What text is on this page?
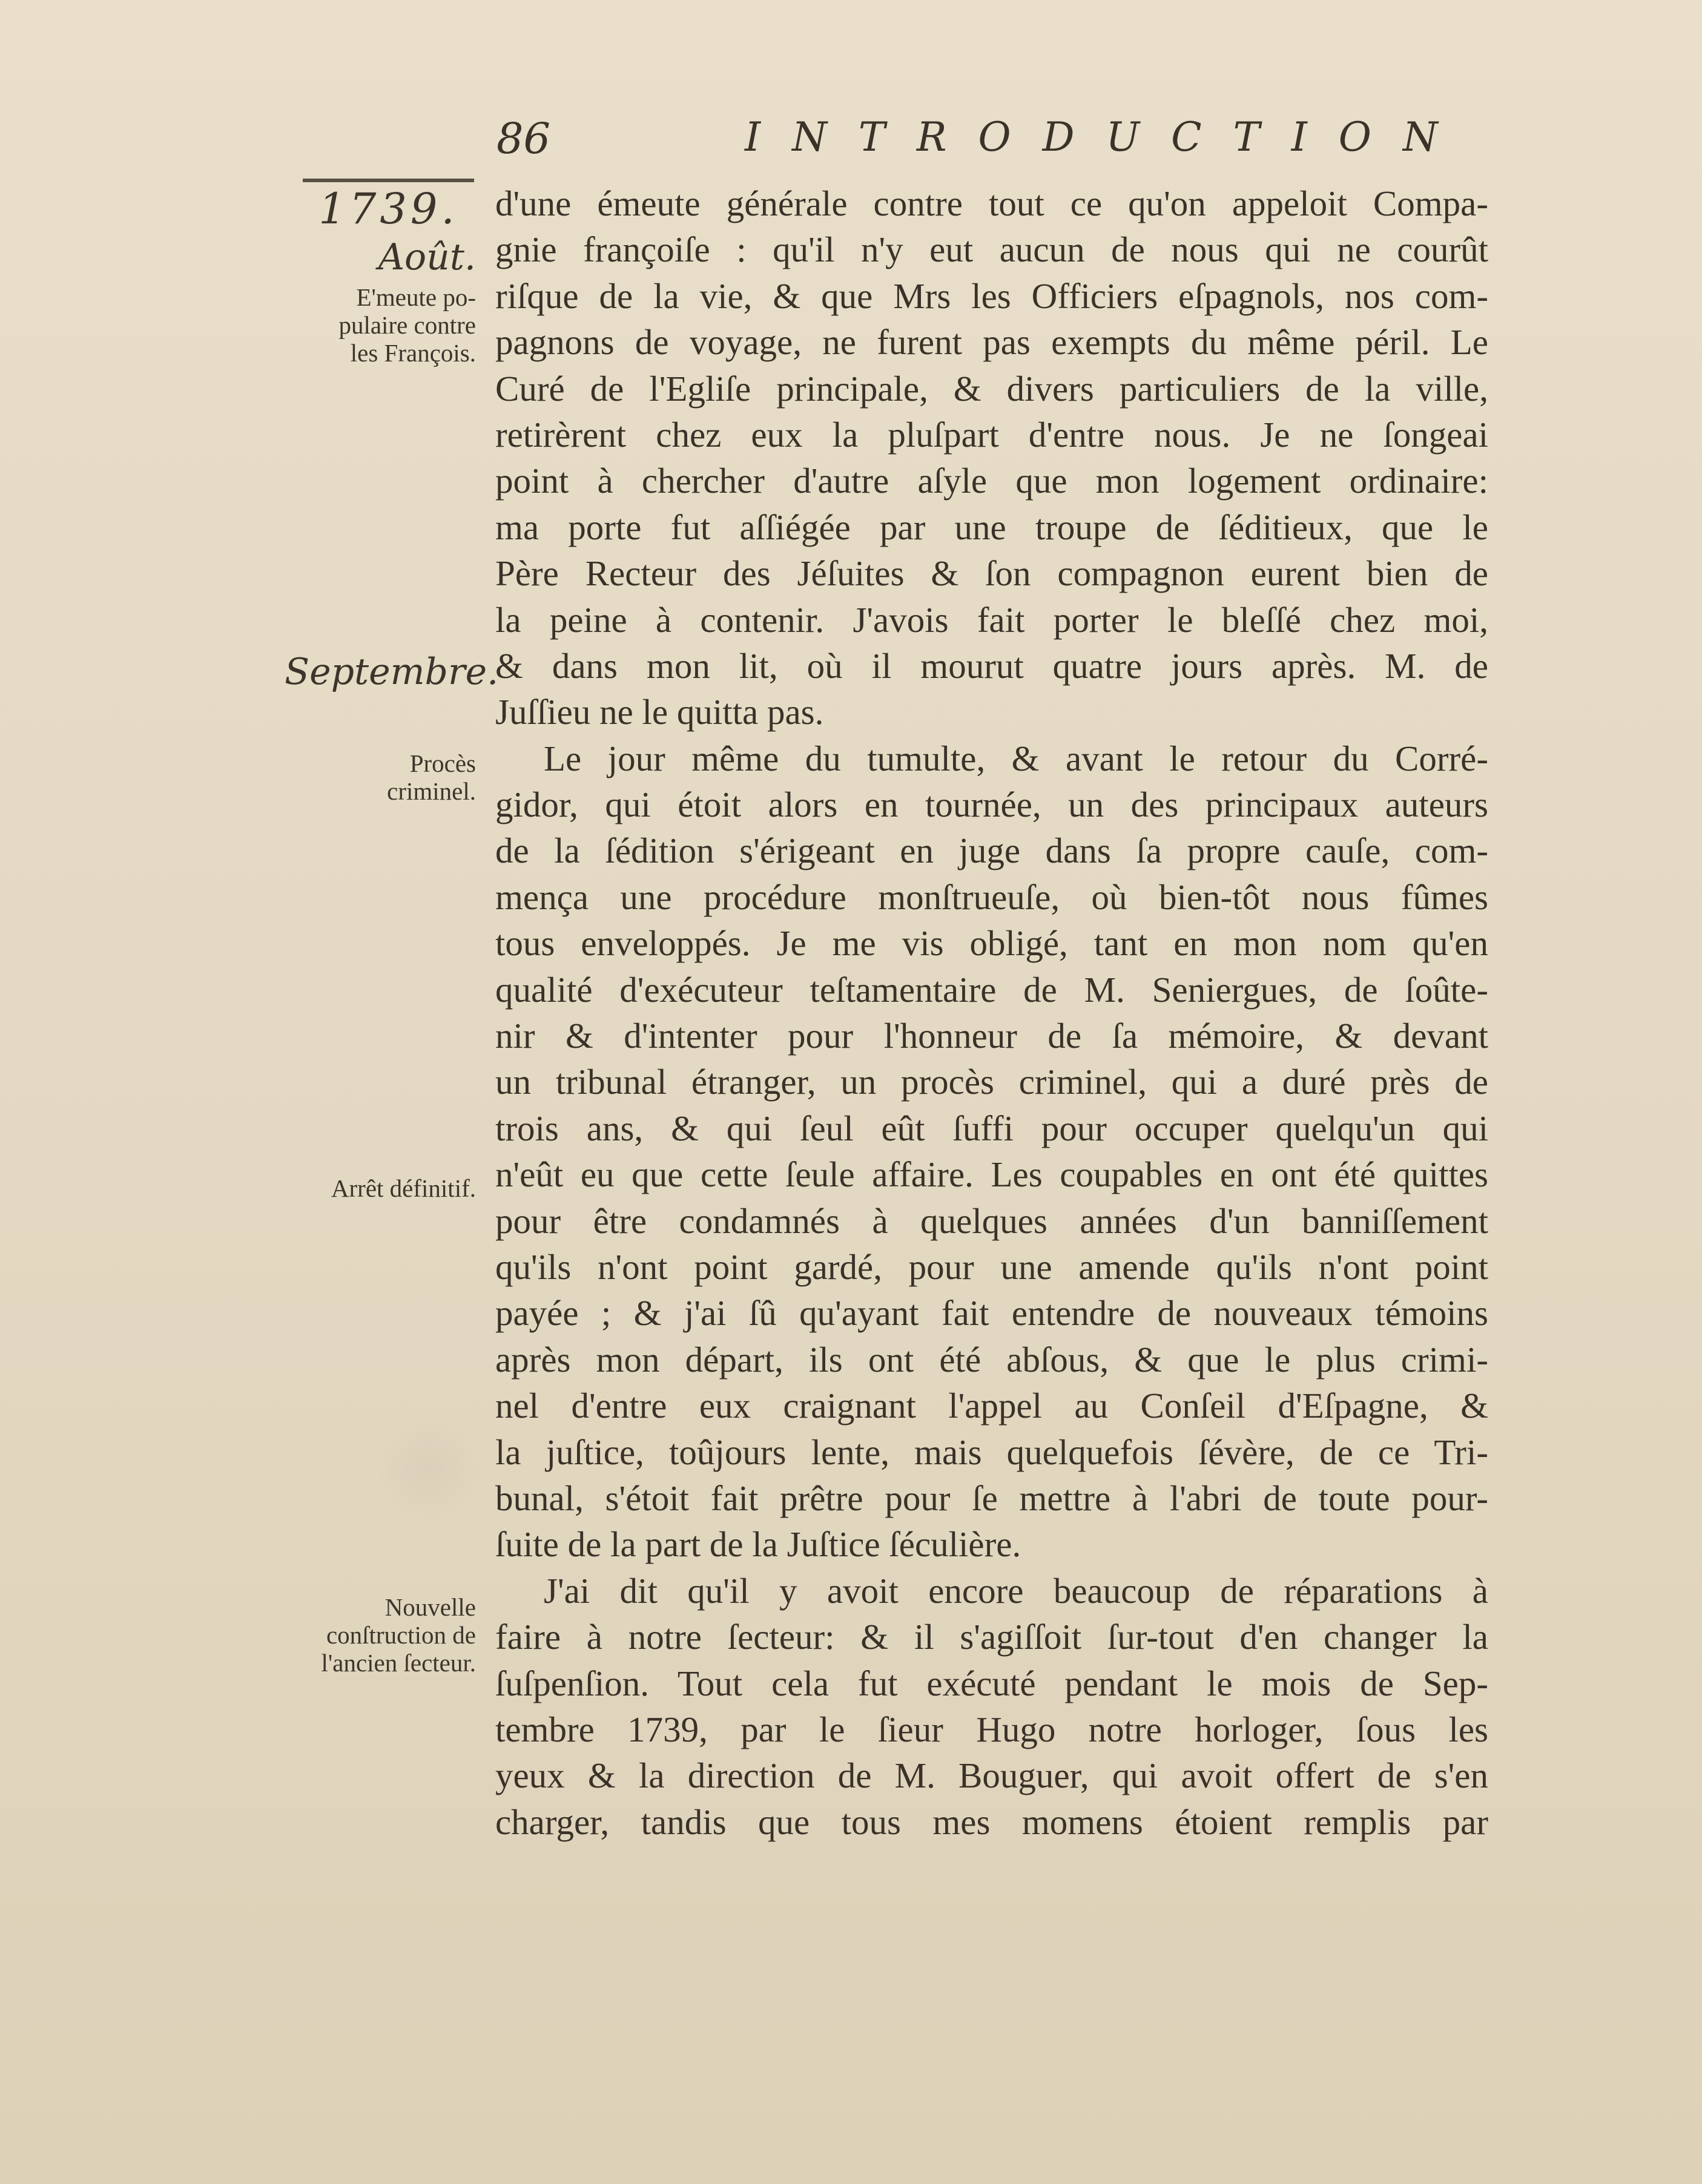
86	INTRODUCTION
1739.
Août.
E'meute po-
pulaire contre
les François.
Septembre.
Procès
criminel.
Arrêt définitif.
Nouvelle
conſtruction de
l'ancien ſecteur.
d'une émeute générale contre tout ce qu'on appeloit Compa-
gnie françoiſe : qu'il n'y eut aucun de nous qui ne courût
riſque de la vie, & que Mrs les Officiers eſpagnols, nos com-
pagnons de voyage, ne furent pas exempts du même péril. Le
Curé de l'Egliſe principale, & divers particuliers de la ville,
retirèrent chez eux la pluſpart d'entre nous. Je ne ſongeai
point à chercher d'autre aſyle que mon logement ordinaire:
ma porte fut aſſiégée par une troupe de ſéditieux, que le
Père Recteur des Jéſuites & ſon compagnon eurent bien de
la peine à contenir. J'avois fait porter le bleſſé chez moi,
& dans mon lit, où il mourut quatre jours après. M. de
Juſſieu ne le quitta pas.
Le jour même du tumulte, & avant le retour du Corré-
gidor, qui étoit alors en tournée, un des principaux auteurs
de la ſédition s'érigeant en juge dans ſa propre cauſe, com-
mença une procédure monſtrueuſe, où bien-tôt nous fûmes
tous enveloppés. Je me vis obligé, tant en mon nom qu'en
qualité d'exécuteur teſtamentaire de M. Seniergues, de ſoûte-
nir & d'intenter pour l'honneur de ſa mémoire, & devant
un tribunal étranger, un procès criminel, qui a duré près de
trois ans, & qui ſeul eût ſuffi pour occuper quelqu'un qui
n'eût eu que cette ſeule affaire. Les coupables en ont été quittes
pour être condamnés à quelques années d'un banniſſement
qu'ils n'ont point gardé, pour une amende qu'ils n'ont point
payée ; & j'ai ſû qu'ayant fait entendre de nouveaux témoins
après mon départ, ils ont été abſous, & que le plus crimi-
nel d'entre eux craignant l'appel au Conſeil d'Eſpagne, &
la juſtice, toûjours lente, mais quelquefois ſévère, de ce Tri-
bunal, s'étoit fait prêtre pour ſe mettre à l'abri de toute pour-
ſuite de la part de la Juſtice ſéculière.
J'ai dit qu'il y avoit encore beaucoup de réparations à
faire à notre ſecteur: & il s'agiſſoit ſur-tout d'en changer la
ſuſpenſion. Tout cela fut exécuté pendant le mois de Sep-
tembre 1739, par le ſieur Hugo notre horloger, ſous les
yeux & la direction de M. Bouguer, qui avoit offert de s'en
charger, tandis que tous mes momens étoient remplis par
